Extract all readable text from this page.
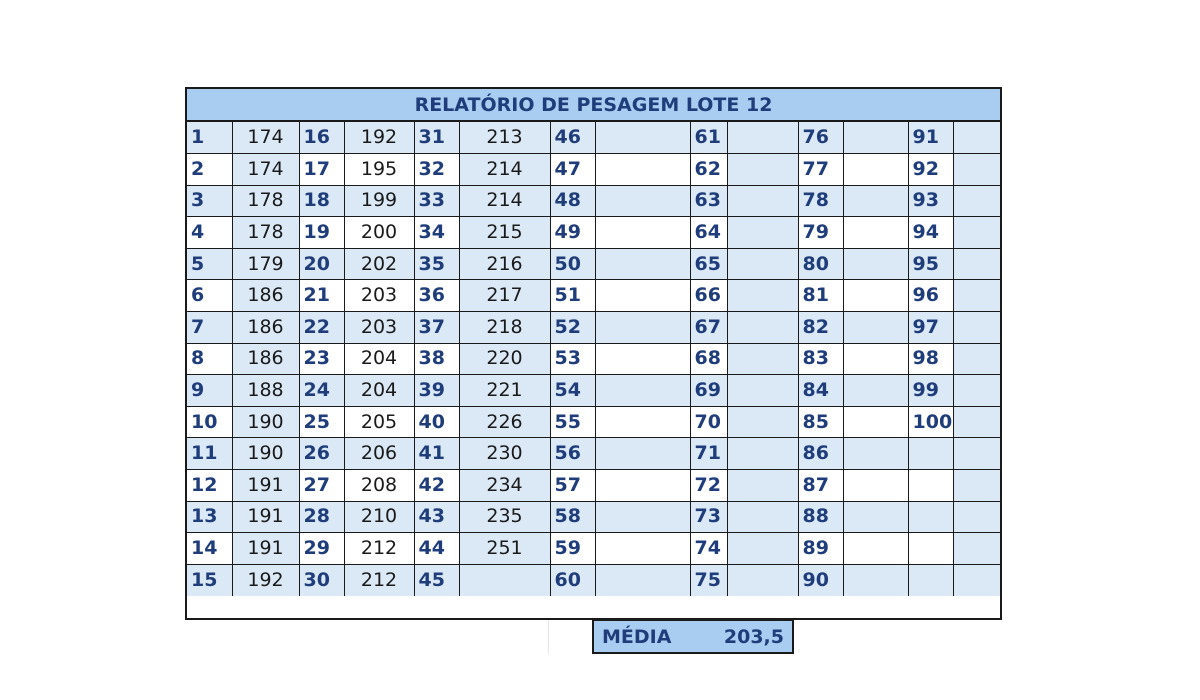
RELATÓRIO DE PESAGEM LOTE 12
1	174	16	192	31	213	46		61		76		91	
2	174	17	195	32	214	47		62		77		92	
3	178	18	199	33	214	48		63		78		93	
4	178	19	200	34	215	49		64		79		94	
5	179	20	202	35	216	50		65		80		95	
6	186	21	203	36	217	51		66		81		96	
7	186	22	203	37	218	52		67		82		97	
8	186	23	204	38	220	53		68		83		98	
9	188	24	204	39	221	54		69		84		99	
10	190	25	205	40	226	55		70		85		100	
11	190	26	206	41	230	56		71		86			
12	191	27	208	42	234	57		72		87			
13	191	28	210	43	235	58		73		88			
14	191	29	212	44	251	59		74		89			
15	192	30	212	45		60		75		90			
MÉDIA	203,5
